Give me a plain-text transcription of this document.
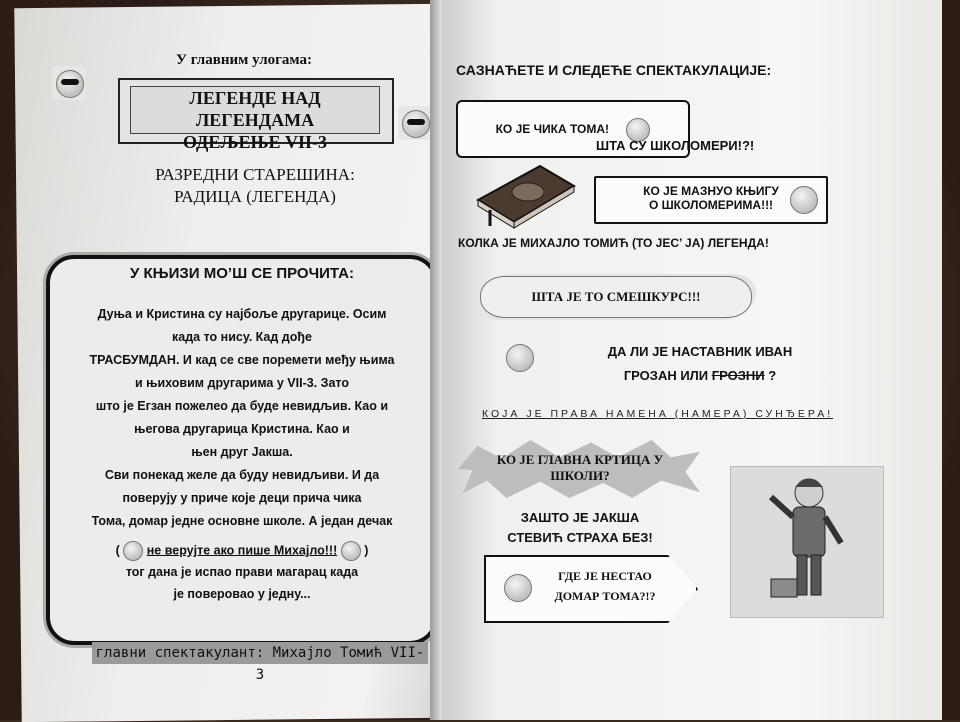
У главним улогама:
ЛЕГЕНДЕ НАД ЛЕГЕНДАМА
ОДЕЉЕЊЕ VII-3
РАЗРЕДНИ СТАРЕШИНА:
РАДИЦА (ЛЕГЕНДА)
У КЊИЗИ МО’Ш СЕ ПРОЧИТА:
Дуња и Кристина су најбоље другарице. Осим
када то нису. Кад дође
ТРАСБУМДАН. И кад се све поремети међу њима
и њиховим другарима у VII-3. Зато
што је Егзан пожелео да буде невидљив. Као и
његова другарица Кристина. Као и
њен друг Јакша.
Сви понекад желе да буду невидљиви. И да
поверују у приче које деци прича чика
Тома, домар једне основне школе. А један дечак
( не верујте ако пише Михајло!!! )
тог дана је испао прави магарац када
је поверовао у једну...
главни спектакулант: Михајло Томић VII-3
САЗНАЋЕТЕ И СЛЕДЕЋЕ СПЕКТАКУЛАЦИЈЕ:
КО ЈЕ ЧИКА ТОМА!
ШТА СУ ШКОЛОМЕРИ!?!
КО ЈЕ МАЗНУО КЊИГУ
О ШКОЛОМЕРИМА!!!
КОЛКА ЈЕ МИХАЈЛО ТОМИЋ (ТО ЈЕС’ ЈА) ЛЕГЕНДА!
ШТА ЈЕ ТО СМЕШКУРС!!!
ДА ЛИ ЈЕ НАСТАВНИК ИВАН
ГРОЗАН ИЛИ ГРОЗНИ ?
КОЈА ЈЕ ПРАВА НАМЕНА (НАМЕРА) СУНЂЕРА!
КО ЈЕ ГЛАВНА КРТИЦА У
ШКОЛИ?
ЗАШТО ЈЕ ЈАКША
СТЕВИЋ СТРАХА БЕЗ!
ГДЕ ЈЕ НЕСТАО
ДОМАР ТОМА?!?
